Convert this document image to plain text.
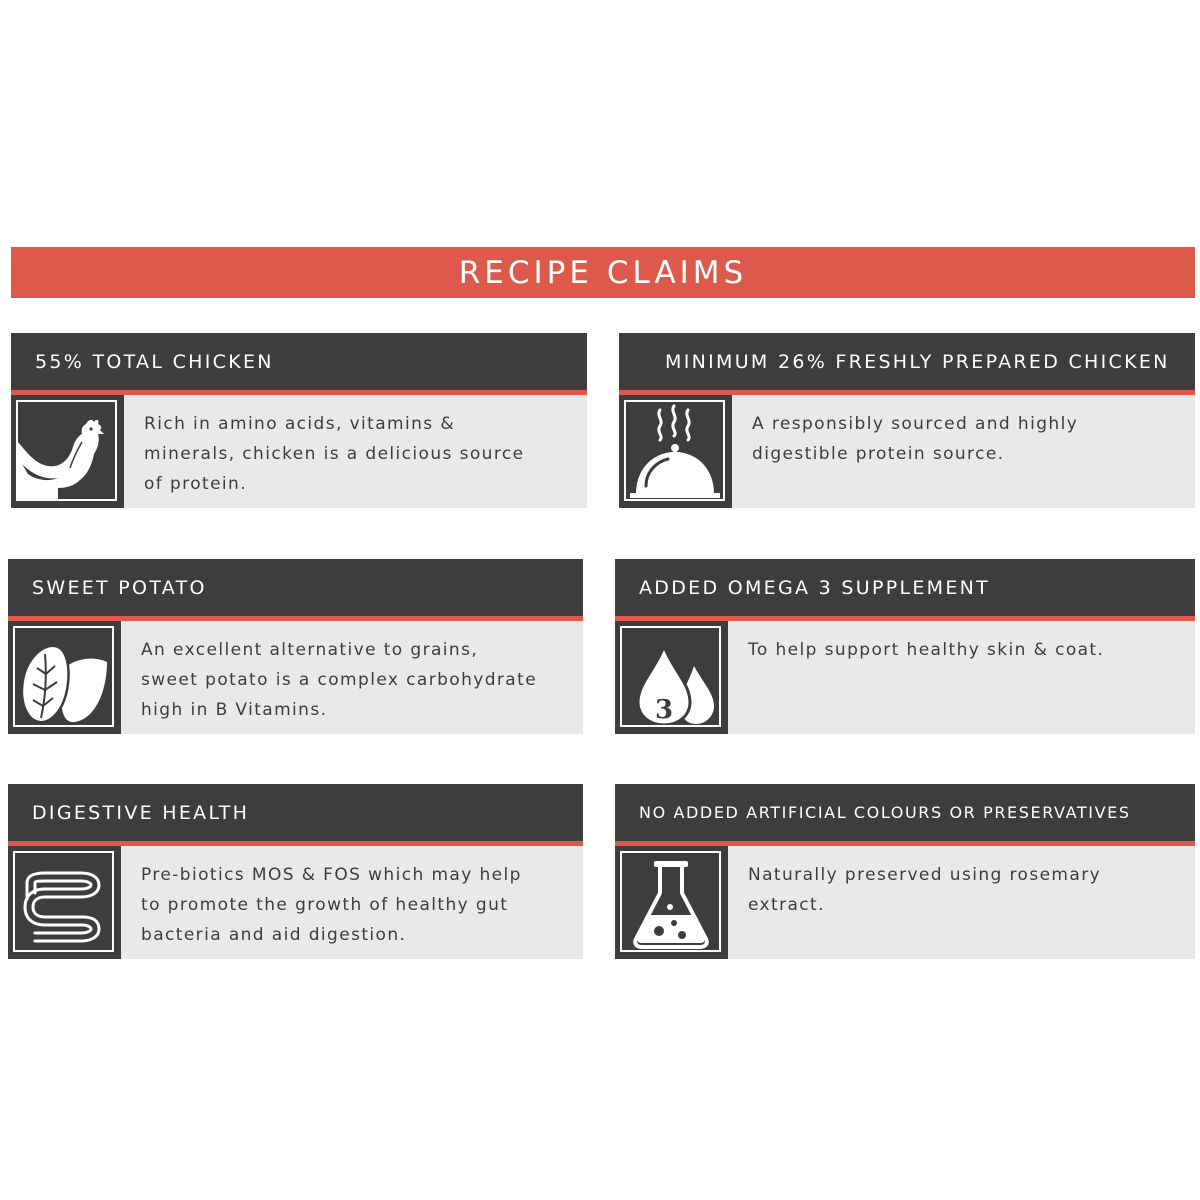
RECIPE CLAIMS
55% TOTAL CHICKEN
Rich in amino acids, vitamins & minerals, chicken is a delicious source of protein.
MINIMUM 26% FRESHLY PREPARED CHICKEN
A responsibly sourced and highly digestible protein source.
SWEET POTATO
An excellent alternative to grains, sweet potato is a complex carbohydrate high in B Vitamins.
ADDED OMEGA 3 SUPPLEMENT
3
To help support healthy skin & coat.
DIGESTIVE HEALTH
Pre-biotics MOS & FOS which may help to promote the growth of healthy gut bacteria and aid digestion.
NO ADDED ARTIFICIAL COLOURS OR PRESERVATIVES
Naturally preserved using rosemary extract.
